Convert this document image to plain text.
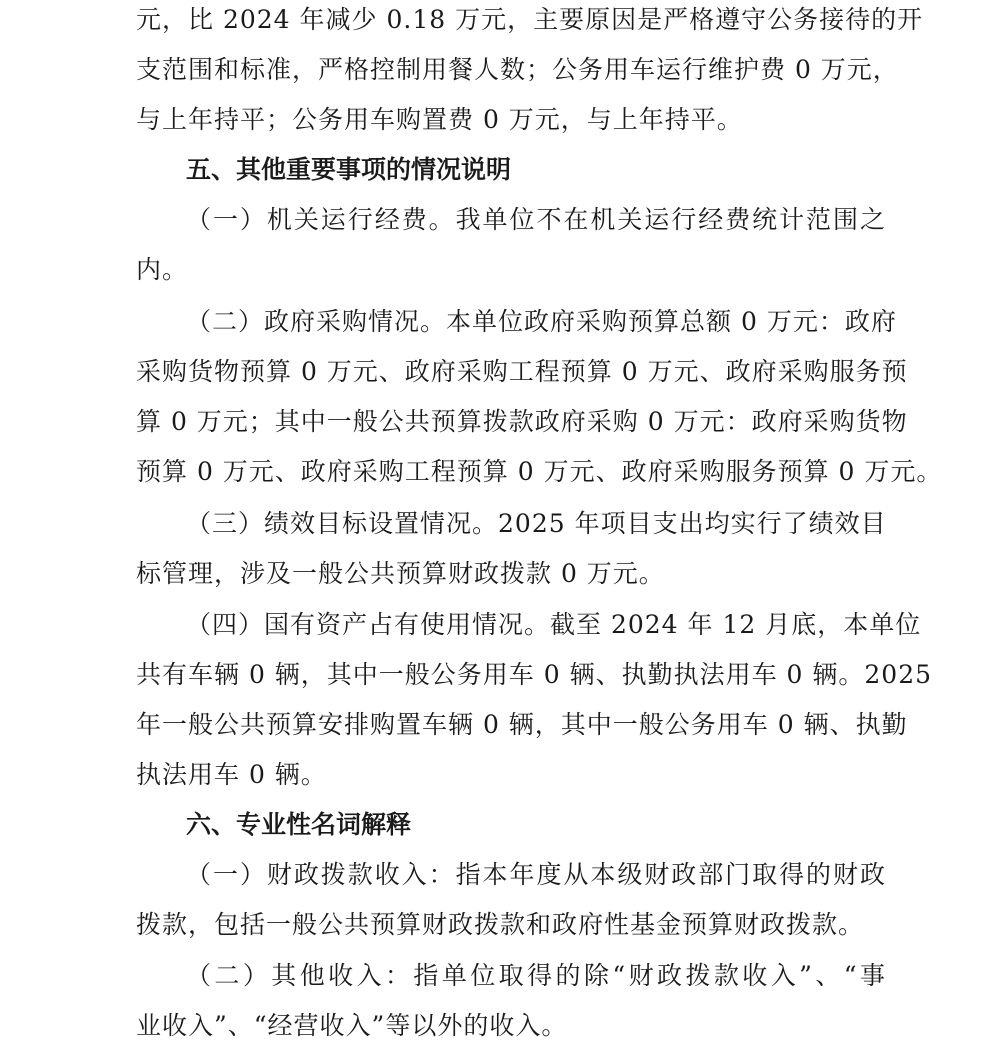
元，比 2024 年减少 0.18 万元，主要原因是严格遵守公务接待的开
支范围和标准，严格控制用餐人数；公务用车运行维护费 0 万元，
与上年持平；公务用车购置费 0 万元，与上年持平。
五、其他重要事项的情况说明
（一）机关运行经费。我单位不在机关运行经费统计范围之
内。
（二）政府采购情况。本单位政府采购预算总额 0 万元：政府
采购货物预算 0 万元、政府采购工程预算 0 万元、政府采购服务预
算 0 万元；其中一般公共预算拨款政府采购 0 万元：政府采购货物
预算 0 万元、政府采购工程预算 0 万元、政府采购服务预算 0 万元。
（三）绩效目标设置情况。2025 年项目支出均实行了绩效目
标管理，涉及一般公共预算财政拨款 0 万元。
（四）国有资产占有使用情况。截至 2024 年 12 月底，本单位
共有车辆 0 辆，其中一般公务用车 0 辆、执勤执法用车 0 辆。2025
年一般公共预算安排购置车辆 0 辆，其中一般公务用车 0 辆、执勤
执法用车 0 辆。
六、专业性名词解释
（一）财政拨款收入：指本年度从本级财政部门取得的财政
拨款，包括一般公共预算财政拨款和政府性基金预算财政拨款。
（二）其他收入：指单位取得的除“财政拨款收入”、“事
业收入”、“经营收入”等以外的收入。
